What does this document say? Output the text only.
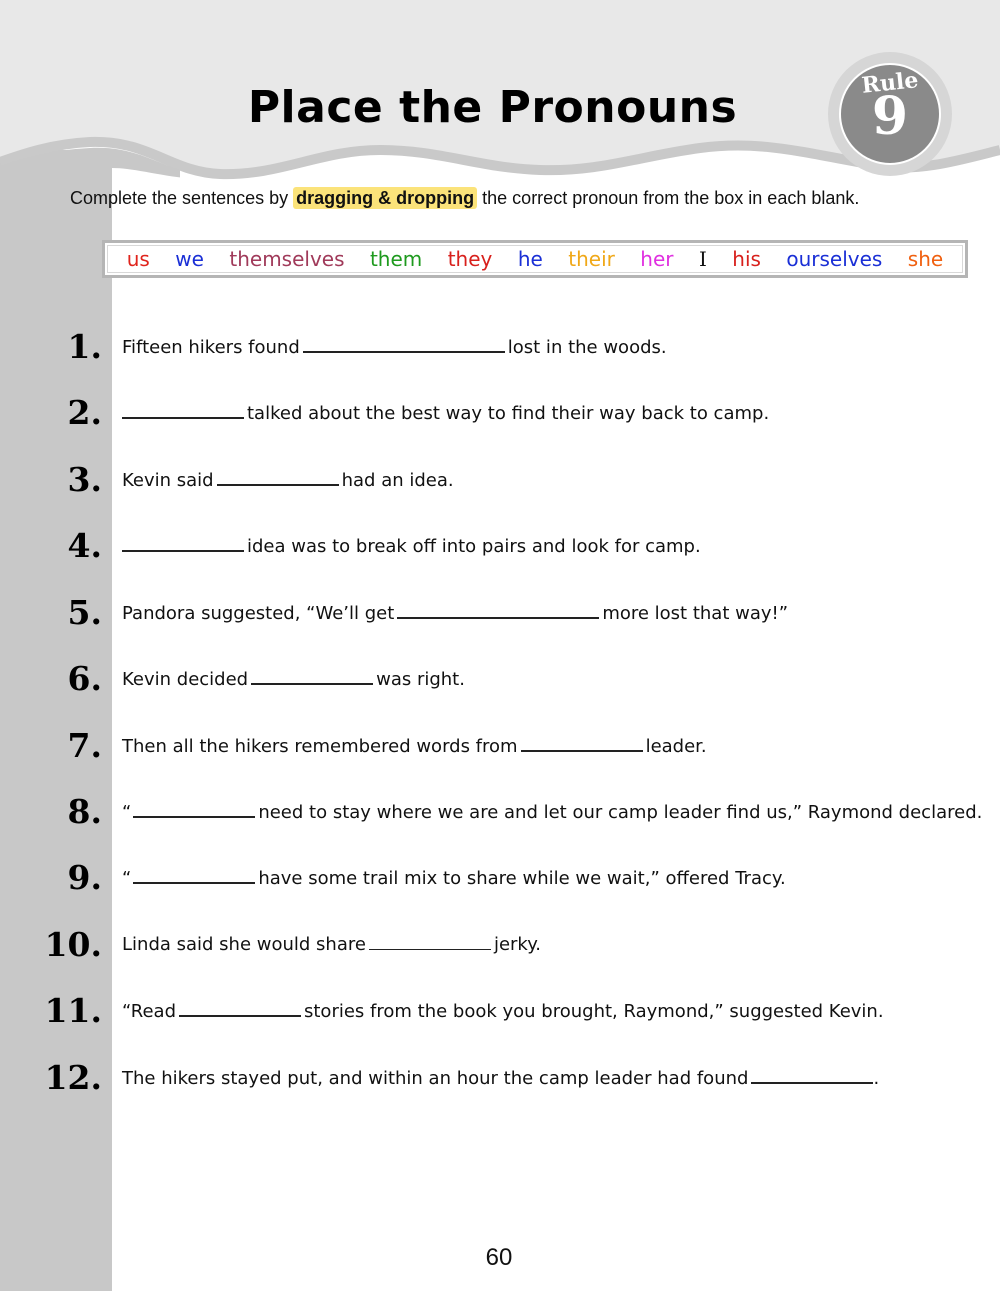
Place the Pronouns	Rule
9
Complete the sentences by dragging & dropping the correct pronoun from the box in each blank.
us we themselves them they he their her I his ourselves she
1. Fifteen hikers found	lost in the woods.
2.	talked about the best way to find their way back to camp.
3. Kevin said	had an idea.
4.	idea was to break off into pairs and look for camp.
5. Pandora suggested, “We’ll get	more lost that way!”
6. Kevin decided	was right.
7. Then all the hikers remembered words from	leader.
8. “	need to stay where we are and let our camp leader find us,” Raymond declared.
9. “	have some trail mix to share while we wait,” offered Tracy.
10. Linda said she would share	jerky.
11. “Read	stories from the book you brought, Raymond,” suggested Kevin.
12. The hikers stayed put, and within an hour the camp leader had found	.
60
